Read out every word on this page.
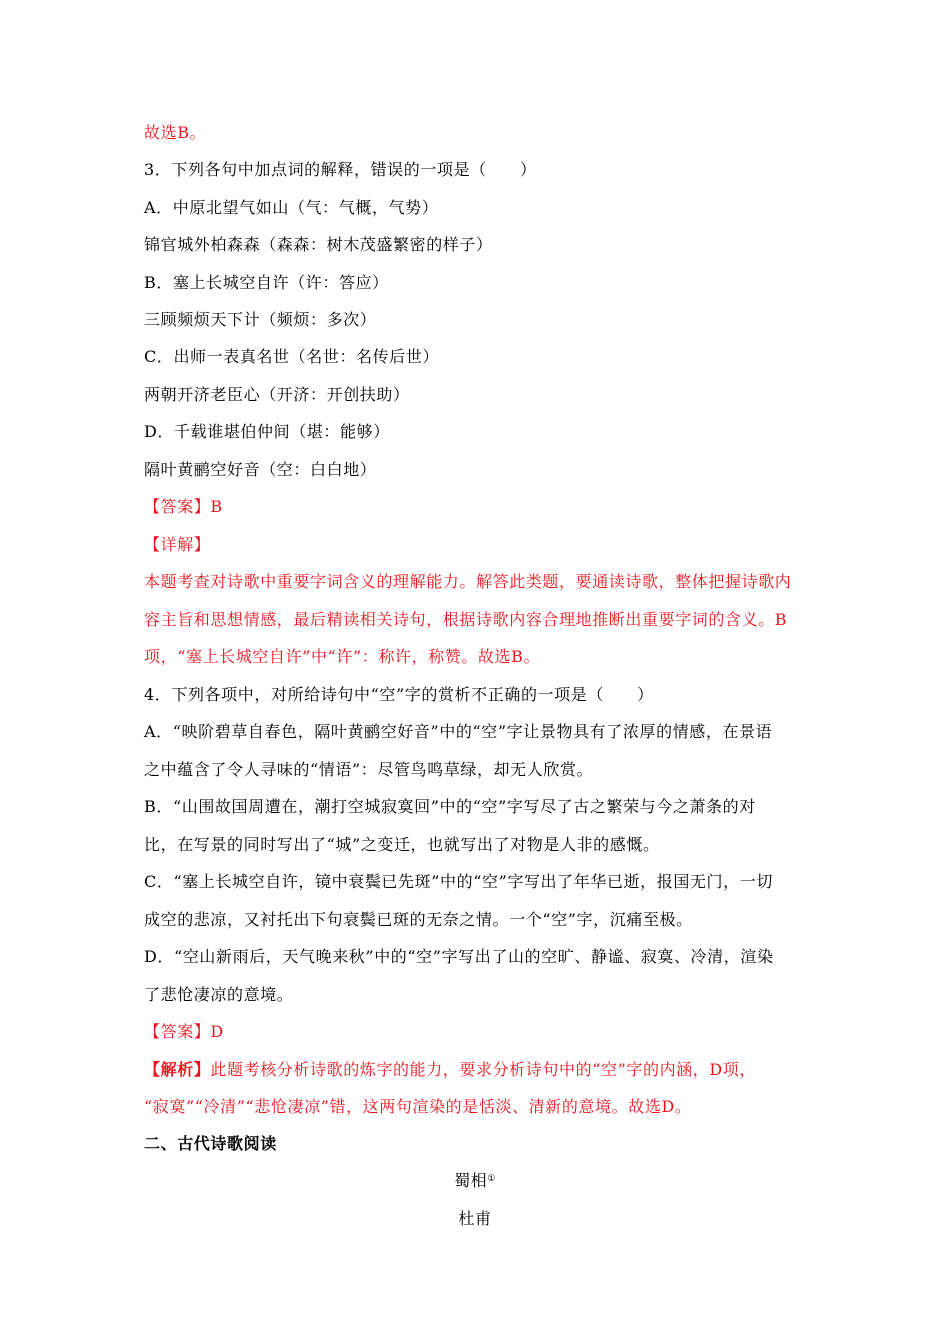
故选B。
3．下列各句中加点词的解释，错误的一项是（　　）
A．中原北望气如山（气：气概，气势）
锦官城外柏森森（森森：树木茂盛繁密的样子）
B．塞上长城空自许（许：答应）
三顾频烦天下计（频烦：多次）
C．出师一表真名世（名世：名传后世）
两朝开济老臣心（开济：开创扶助）
D．千载谁堪伯仲间（堪：能够）
隔叶黄鹂空好音（空：白白地）
【答案】B
【详解】
本题考查对诗歌中重要字词含义的理解能力。解答此类题，要通读诗歌，整体把握诗歌内
容主旨和思想情感，最后精读相关诗句，根据诗歌内容合理地推断出重要字词的含义。B
项，“塞上长城空自许”中“许”：称许，称赞。故选B。
4．下列各项中，对所给诗句中“空”字的赏析不正确的一项是（　　）
A．“映阶碧草自春色，隔叶黄鹂空好音”中的“空”字让景物具有了浓厚的情感，在景语
之中蕴含了令人寻味的“情语”：尽管鸟鸣草绿，却无人欣赏。
B．“山围故国周遭在，潮打空城寂寞回”中的“空”字写尽了古之繁荣与今之萧条的对
比，在写景的同时写出了“城”之变迁，也就写出了对物是人非的感慨。
C．“塞上长城空自许，镜中衰鬓已先斑”中的“空”字写出了年华已逝，报国无门，一切
成空的悲凉，又衬托出下句衰鬓已斑的无奈之情。一个“空”字，沉痛至极。
D．“空山新雨后，天气晚来秋”中的“空”字写出了山的空旷、静谧、寂寞、冷清，渲染
了悲怆凄凉的意境。
【答案】D
【解析】此题考核分析诗歌的炼字的能力，要求分析诗句中的“空”字的内涵，D项，
“寂寞”“冷清”“悲怆凄凉”错，这两句渲染的是恬淡、清新的意境。故选D。
二、古代诗歌阅读
蜀相①
杜甫
